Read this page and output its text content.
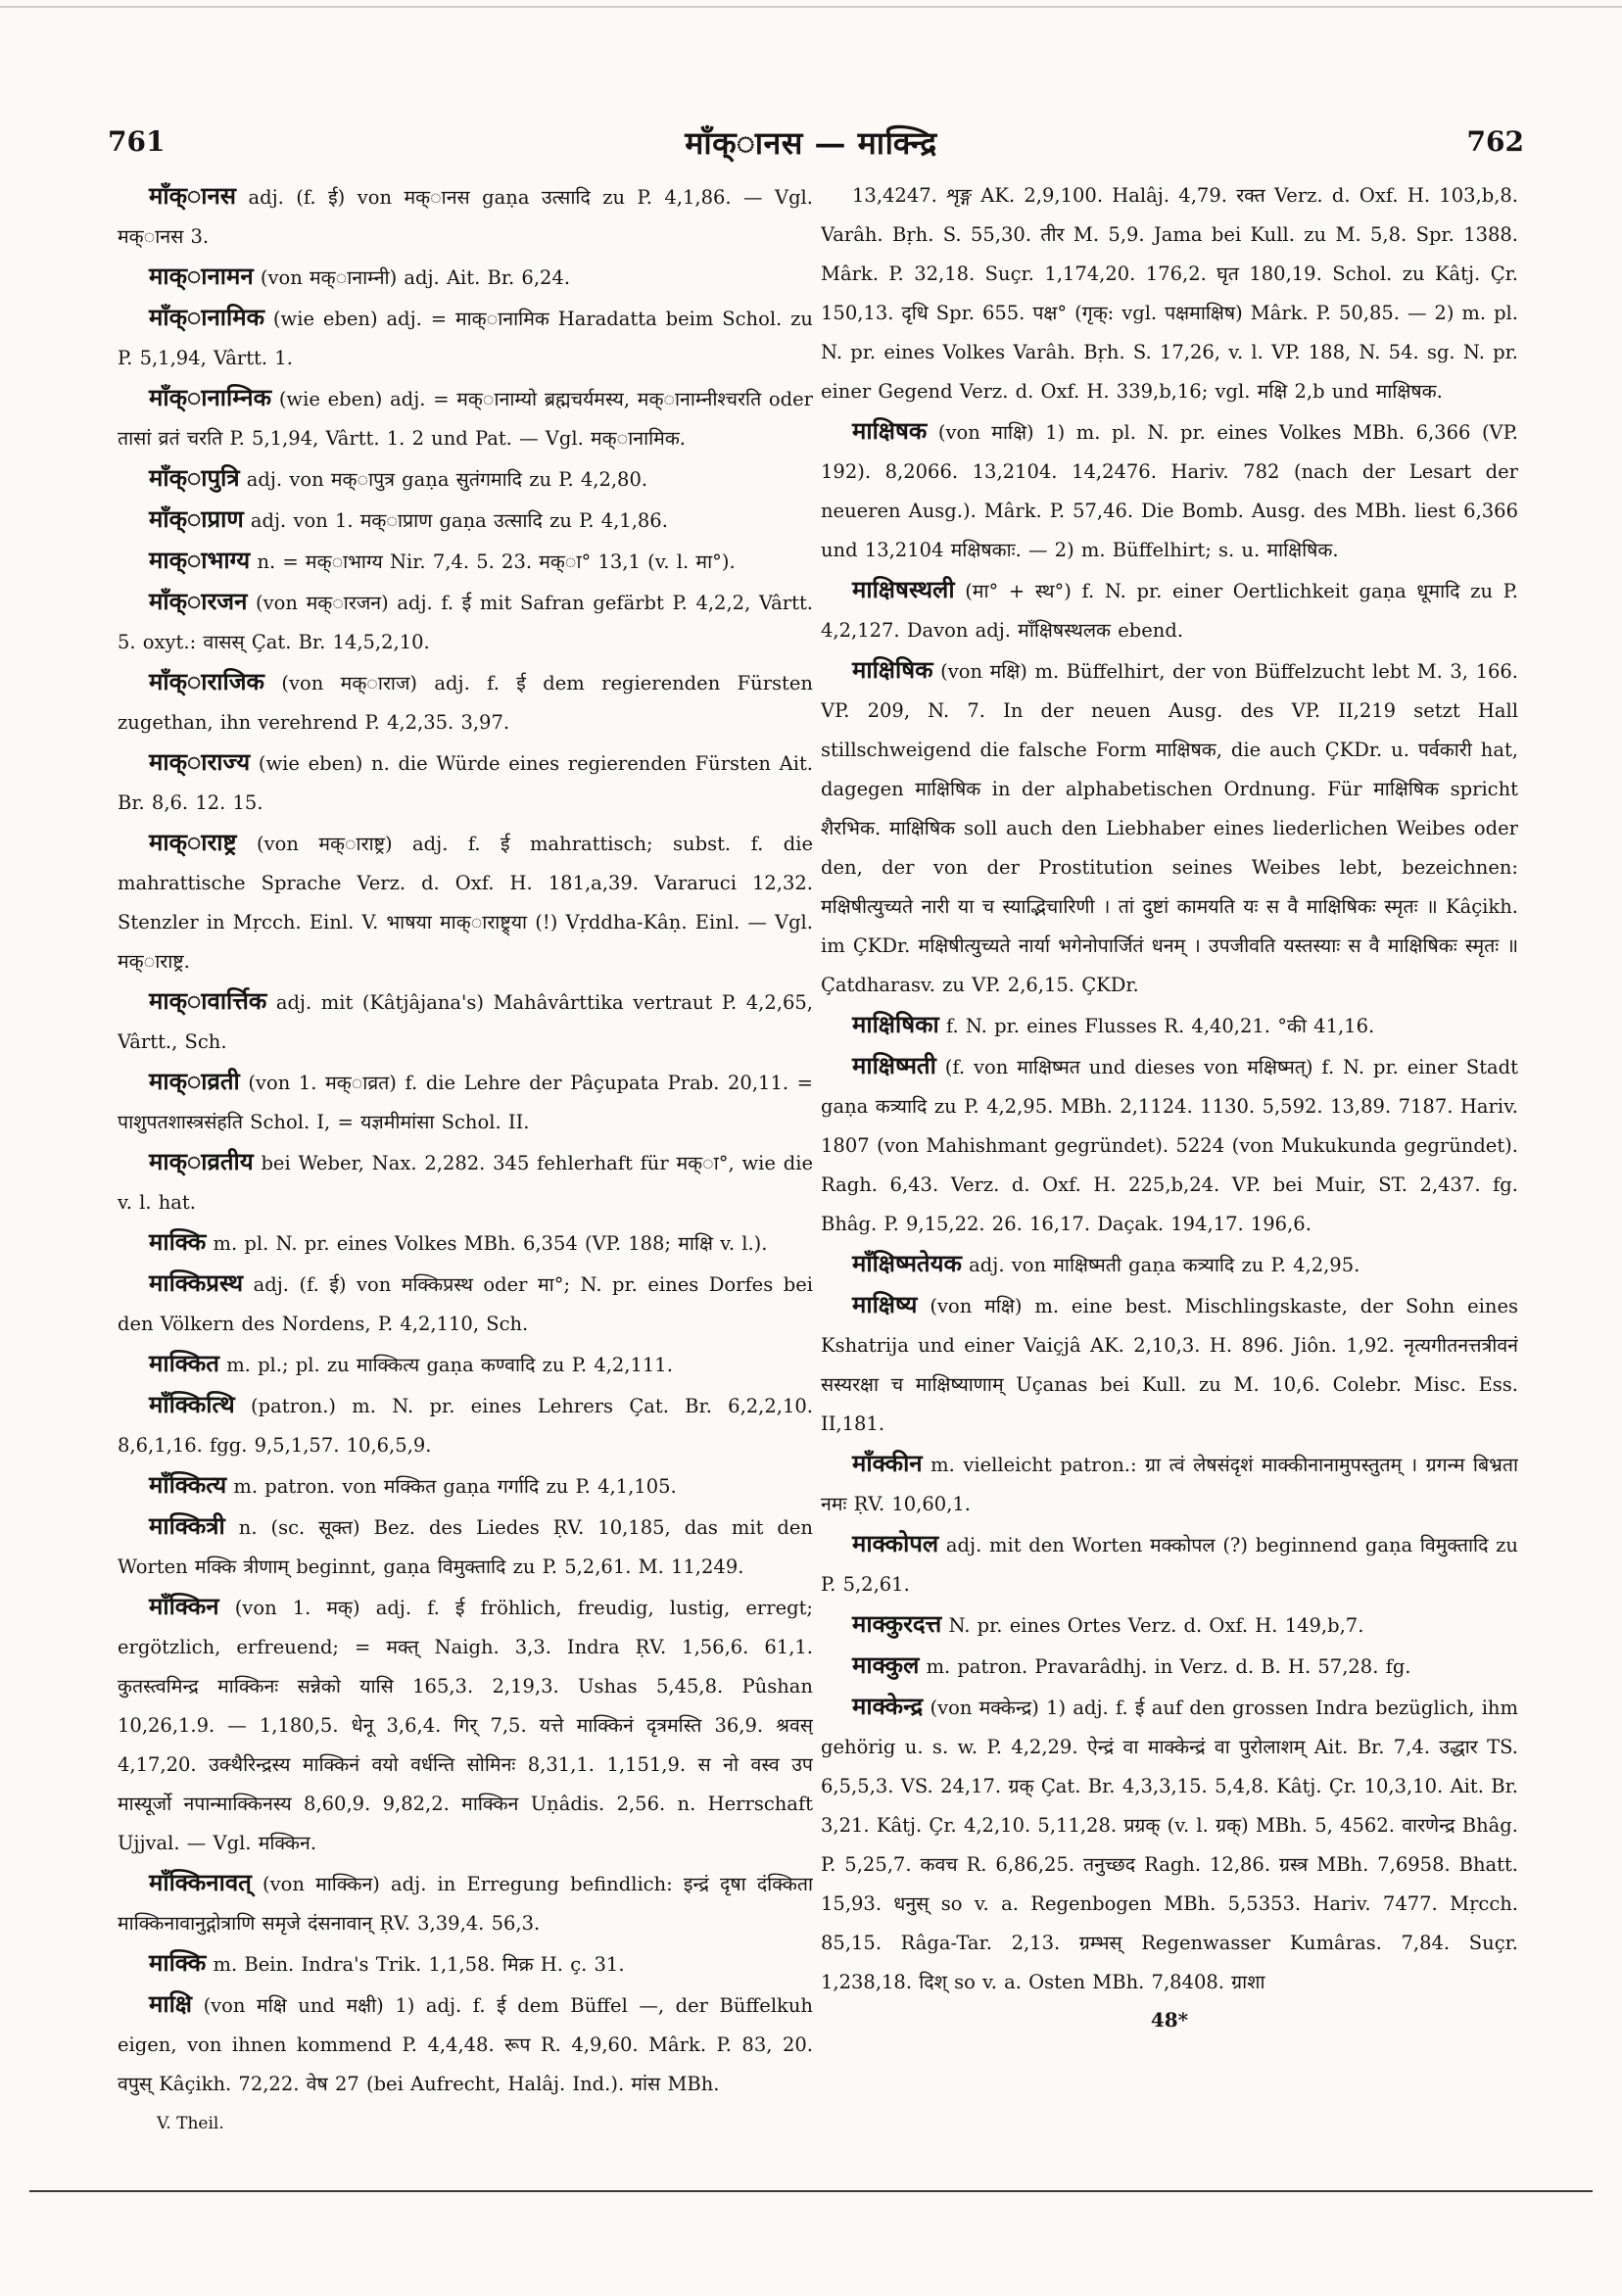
761	माँक्ानस — माक्न्द्रि	762

माँक्ानस adj. (f. ई) von मक्ानस gaṇa उत्सादि zu P. 4,1,86. — Vgl. मक्ानस 3.

माक्ानामन (von मक्ानाम्नी) adj. Ait. Br. 6,24.

माँक्ानामिक (wie eben) adj. = माक्ानामिक Haradatta beim Schol. zu P. 5,1,94, Vârtt. 1.

माँक्ानाम्निक (wie eben) adj. = मक्ानाम्यो ब्रह्मचर्यमस्य, मक्ानाम्नीश्चरति oder तासां व्रतं चरति P. 5,1,94, Vârtt. 1. 2 und Pat. — Vgl. मक्ानामिक.

माँक्ापुत्रि adj. von मक्ापुत्र gaṇa सुतंगमादि zu P. 4,2,80.

माँक्ाप्राण adj. von 1. मक्ाप्राण gaṇa उत्सादि zu P. 4,1,86.

माक्ाभाग्य n. = मक्ाभाग्य Nir. 7,4. 5. 23. मक्ा° 13,1 (v. l. मा°).

माँक्ारजन (von मक्ारजन) adj. f. ई mit Safran gefärbt P. 4,2,2, Vârtt. 5. oxyt.: वासस् Çat. Br. 14,5,2,10.

माँक्ाराजिक (von मक्ाराज) adj. f. ई dem regierenden Fürsten zugethan, ihn verehrend P. 4,2,35. 3,97.

माक्ाराज्य (wie eben) n. die Würde eines regierenden Fürsten Ait. Br. 8,6. 12. 15.

माक्ाराष्ट्र (von मक्ाराष्ट्र) adj. f. ई mahrattisch; subst. f. die mahrattische Sprache Verz. d. Oxf. H. 181,a,39. Vararuci 12,32. Stenzler in Mṛcch. Einl. V. भाषया माक्ाराष्ट्र्या (!) Vṛddha-Kâṇ. Einl. — Vgl. मक्ाराष्ट्र.

माक्ावार्त्तिक adj. mit (Kâtjâjana's) Mahâvârttika vertraut P. 4,2,65, Vârtt., Sch.

माक्ाव्रती (von 1. मक्ाव्रत) f. die Lehre der Pâçupata Prab. 20,11. = पाशुपतशास्त्रसंहति Schol. I, = यज्ञमीमांसा Schol. II.

माक्ाव्रतीय bei Weber, Nax. 2,282. 345 fehlerhaft für मक्ा°, wie die v. l. hat.

माक्कि m. pl. N. pr. eines Volkes MBh. 6,354 (VP. 188; माक्षि v. l.).

माक्किप्रस्थ adj. (f. ई) von मक्किप्रस्थ oder मा°; N. pr. eines Dorfes bei den Völkern des Nordens, P. 4,2,110, Sch.

माक्कित m. pl.; pl. zu माक्कित्य gaṇa कण्वादि zu P. 4,2,111.

माँक्कित्थि (patron.) m. N. pr. eines Lehrers Çat. Br. 6,2,2,10. 8,6,1,16. fgg. 9,5,1,57. 10,6,5,9.

माँक्कित्य m. patron. von मक्कित gaṇa गर्गादि zu P. 4,1,105.

माक्कित्री n. (sc. सूक्त) Bez. des Liedes ṚV. 10,185, das mit den Worten मक्कि त्रीणाम् beginnt, gaṇa विमुक्तादि zu P. 5,2,61. M. 11,249.

माँक्किन (von 1. मक्) adj. f. ई fröhlich, freudig, lustig, erregt; ergötzlich, erfreuend; = मक्त् Naigh. 3,3. Indra ṚV. 1,56,6. 61,1. कुतस्त्वमिन्द्र माक्किनः सन्नेको यासि 165,3. 2,19,3. Ushas 5,45,8. Pûshan 10,26,1.9. — 1,180,5. धेनू 3,6,4. गिर् 7,5. यत्ते माक्किनं दृत्रमस्ति 36,9. श्रवस् 4,17,20. उक्थैरिन्द्रस्य माक्किनं वयो वर्धन्ति सोमिनः 8,31,1. 1,151,9. स नो वस्व उप मास्यूर्जो नपान्माक्किनस्य 8,60,9. 9,82,2. माक्किन Uṇâdis. 2,56. n. Herrschaft Ujjval. — Vgl. मक्किन.

माँक्किनावत् (von माक्किन) adj. in Erregung befindlich: इन्द्रं दृषा दंक्किता माक्किनावानुद्गोत्राणि समृजे दंसनावान् ṚV. 3,39,4. 56,3.

माक्कि m. Bein. Indra's Trik. 1,1,58. मिक्र H. ç. 31.

माक्षि (von मक्षि und मक्षी) 1) adj. f. ई dem Büffel —, der Büffelkuh eigen, von ihnen kommend P. 4,4,48. रूप R. 4,9,60. Mârk. P. 83, 20. वपुस् Kâçikh. 72,22. वेष 27 (bei Aufrecht, Halâj. Ind.). मांस MBh.

V. Theil.

13,4247. शृङ्ग AK. 2,9,100. Halâj. 4,79. रक्त Verz. d. Oxf. H. 103,b,8. Varâh. Bṛh. S. 55,30. तीर M. 5,9. Jama bei Kull. zu M. 5,8. Spr. 1388. Mârk. P. 32,18. Suçr. 1,174,20. 176,2. घृत 180,19. Schol. zu Kâtj. Çr. 150,13. दृधि Spr. 655. पक्ष° (गृक्: vgl. पक्षमाक्षिष) Mârk. P. 50,85. — 2) m. pl. N. pr. eines Volkes Varâh. Bṛh. S. 17,26, v. l. VP. 188, N. 54. sg. N. pr. einer Gegend Verz. d. Oxf. H. 339,b,16; vgl. मक्षि 2,b und माक्षिषक.

माक्षिषक (von माक्षि) 1) m. pl. N. pr. eines Volkes MBh. 6,366 (VP. 192). 8,2066. 13,2104. 14,2476. Hariv. 782 (nach der Lesart der neueren Ausg.). Mârk. P. 57,46. Die Bomb. Ausg. des MBh. liest 6,366 und 13,2104 मक्षिषकाः. — 2) m. Büffelhirt; s. u. माक्षिषिक.

माक्षिषस्थली (मा° + स्थ°) f. N. pr. einer Oertlichkeit gaṇa धूमादि zu P. 4,2,127. Davon adj. माँक्षिषस्थलक ebend.

माक्षिषिक (von मक्षि) m. Büffelhirt, der von Büffelzucht lebt M. 3, 166. VP. 209, N. 7. In der neuen Ausg. des VP. II,219 setzt Hall stillschweigend die falsche Form माक्षिषक, die auch ÇKDr. u. पर्वकारी hat, dagegen माक्षिषिक in der alphabetischen Ordnung. Für माक्षिषिक spricht शैरभिक. माक्षिषिक soll auch den Liebhaber eines liederlichen Weibes oder den, der von der Prostitution seines Weibes lebt, bezeichnen: मक्षिषीत्युच्यते नारी या च स्याद्भिचारिणी । तां दुष्टां कामयति यः स वै माक्षिषिकः स्मृतः ॥ Kâçikh. im ÇKDr. मक्षिषीत्युच्यते नार्या भगेनोपार्जितं धनम् । उपजीवति यस्तस्याः स वै माक्षिषिकः स्मृतः ॥ Çatdharasv. zu VP. 2,6,15. ÇKDr.

माक्षिषिका f. N. pr. eines Flusses R. 4,40,21. °की 41,16.

माक्षिष्मती (f. von माक्षिष्मत und dieses von मक्षिष्मत्) f. N. pr. einer Stadt gaṇa कत्र्यादि zu P. 4,2,95. MBh. 2,1124. 1130. 5,592. 13,89. 7187. Hariv. 1807 (von Mahishmant gegründet). 5224 (von Mukukunda gegründet). Ragh. 6,43. Verz. d. Oxf. H. 225,b,24. VP. bei Muir, ST. 2,437. fg. Bhâg. P. 9,15,22. 26. 16,17. Daçak. 194,17. 196,6.

माँक्षिष्मतेयक adj. von माक्षिष्मती gaṇa कत्र्यादि zu P. 4,2,95.

माक्षिष्य (von मक्षि) m. eine best. Mischlingskaste, der Sohn eines Kshatrija und einer Vaiçjâ AK. 2,10,3. H. 896. Jiôn. 1,92. नृत्यगीतनत्तत्रीवनं सस्यरक्षा च माक्षिष्याणाम् Uçanas bei Kull. zu M. 10,6. Colebr. Misc. Ess. II,181.

माँक्कीन m. vielleicht patron.: ग्रा त्वं लेषसंदृशं माक्कीनानामुपस्तुतम् । ग्रगन्म बिभ्रता नमः ṚV. 10,60,1.

माक्कोपल adj. mit den Worten मक्कोपल (?) beginnend gaṇa विमुक्तादि zu P. 5,2,61.

माक्कुरदत्त N. pr. eines Ortes Verz. d. Oxf. H. 149,b,7.

माक्कुल m. patron. Pravarâdhj. in Verz. d. B. H. 57,28. fg.

माक्केन्द्र (von मक्केन्द्र) 1) adj. f. ई auf den grossen Indra bezüglich, ihm gehörig u. s. w. P. 4,2,29. ऐन्द्रं वा माक्केन्द्रं वा पुरोलाशम् Ait. Br. 7,4. उद्धार TS. 6,5,5,3. VS. 24,17. ग्रक् Çat. Br. 4,3,3,15. 5,4,8. Kâtj. Çr. 10,3,10. Ait. Br. 3,21. Kâtj. Çr. 4,2,10. 5,11,28. प्रग्रक् (v. l. ग्रक्) MBh. 5, 4562. वारणेन्द्र Bhâg. P. 5,25,7. कवच R. 6,86,25. तनुच्छद Ragh. 12,86. ग्रस्त्र MBh. 7,6958. Bhatt. 15,93. धनुस् so v. a. Regenbogen MBh. 5,5353. Hariv. 7477. Mṛcch. 85,15. Râga-Tar. 2,13. ग्रम्भस् Regenwasser Kumâras. 7,84. Suçr. 1,238,18. दिश् so v. a. Osten MBh. 7,8408. ग्राशा

48*
